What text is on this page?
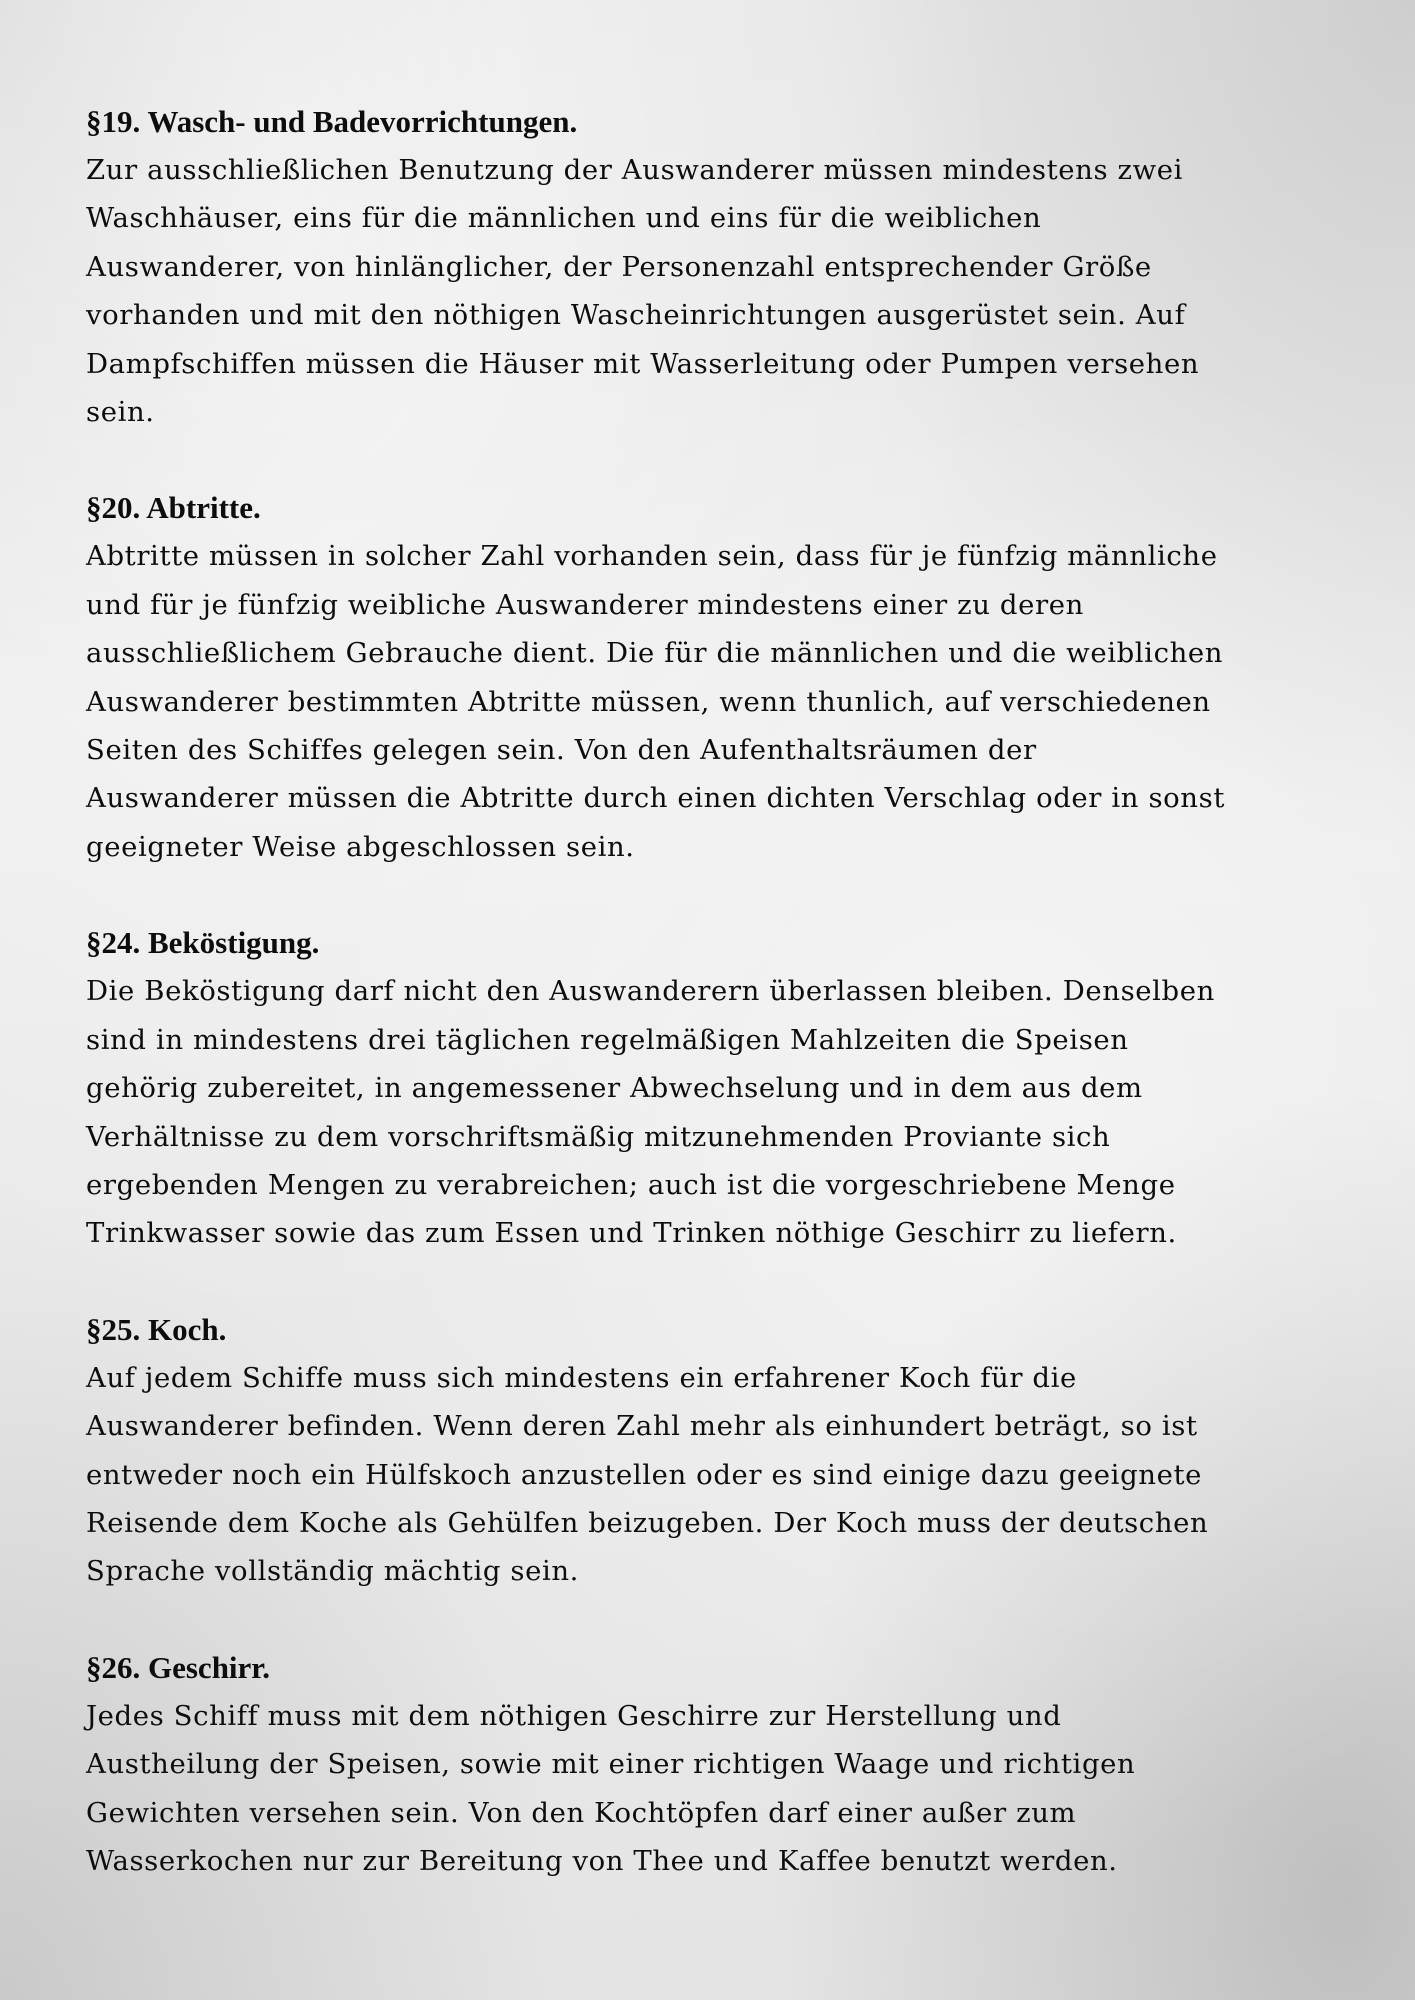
§19. Wasch- und Badevorrichtungen.
Zur ausschließlichen Benutzung der Auswanderer müssen mindestens zwei
Waschhäuser, eins für die männlichen und eins für die weiblichen
Auswanderer, von hinlänglicher, der Personenzahl entsprechender Größe
vorhanden und mit den nöthigen Wascheinrichtungen ausgerüstet sein. Auf
Dampfschiffen müssen die Häuser mit Wasserleitung oder Pumpen versehen
sein.
§20. Abtritte.
Abtritte müssen in solcher Zahl vorhanden sein, dass für je fünfzig männliche
und für je fünfzig weibliche Auswanderer mindestens einer zu deren
ausschließlichem Gebrauche dient. Die für die männlichen und die weiblichen
Auswanderer bestimmten Abtritte müssen, wenn thunlich, auf verschiedenen
Seiten des Schiffes gelegen sein. Von den Aufenthaltsräumen der
Auswanderer müssen die Abtritte durch einen dichten Verschlag oder in sonst
geeigneter Weise abgeschlossen sein.
§24. Beköstigung.
Die Beköstigung darf nicht den Auswanderern überlassen bleiben. Denselben
sind in mindestens drei täglichen regelmäßigen Mahlzeiten die Speisen
gehörig zubereitet, in angemessener Abwechselung und in dem aus dem
Verhältnisse zu dem vorschriftsmäßig mitzunehmenden Proviante sich
ergebenden Mengen zu verabreichen; auch ist die vorgeschriebene Menge
Trinkwasser sowie das zum Essen und Trinken nöthige Geschirr zu liefern.
§25. Koch.
Auf jedem Schiffe muss sich mindestens ein erfahrener Koch für die
Auswanderer befinden. Wenn deren Zahl mehr als einhundert beträgt, so ist
entweder noch ein Hülfskoch anzustellen oder es sind einige dazu geeignete
Reisende dem Koche als Gehülfen beizugeben. Der Koch muss der deutschen
Sprache vollständig mächtig sein.
§26. Geschirr.
Jedes Schiff muss mit dem nöthigen Geschirre zur Herstellung und
Austheilung der Speisen, sowie mit einer richtigen Waage und richtigen
Gewichten versehen sein. Von den Kochtöpfen darf einer außer zum
Wasserkochen nur zur Bereitung von Thee und Kaffee benutzt werden.
